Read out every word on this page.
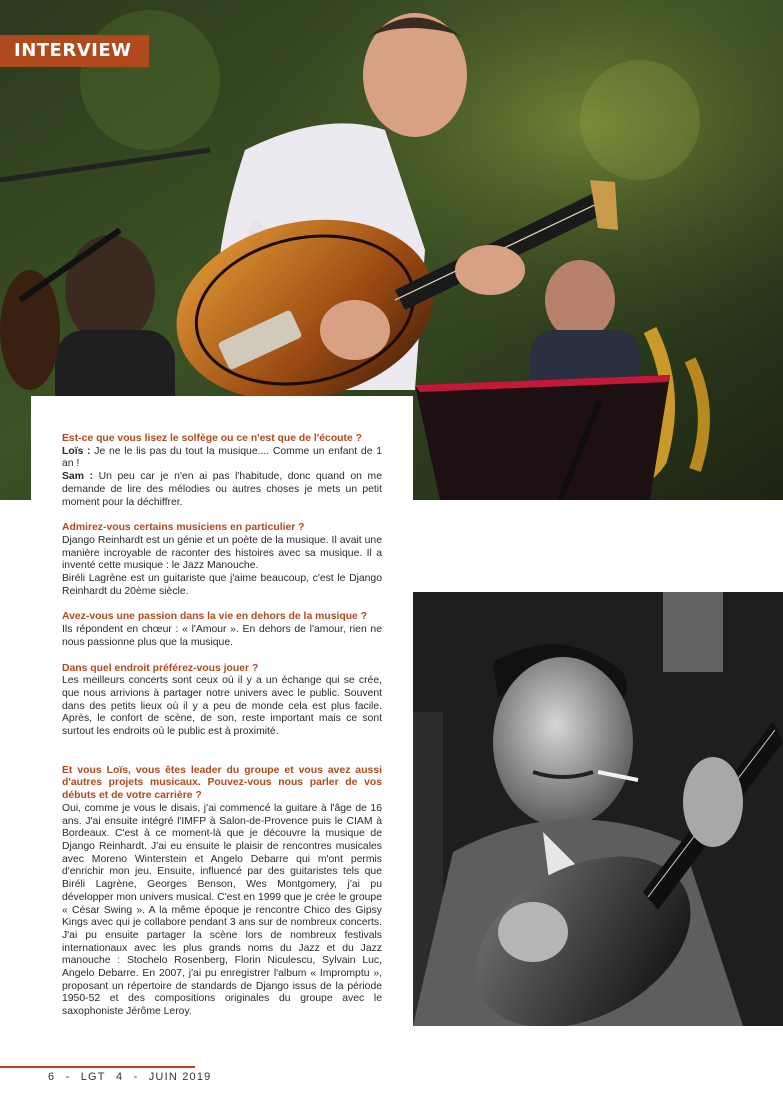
INTERVIEW

Est-ce que vous lisez le solfège ou ce n'est que de l'écoute ?

Loïs : Je ne le lis pas du tout la musique.... Comme un enfant de 1 an !

Sam : Un peu car je n'en ai pas l'habitude, donc quand on me demande de lire des mélodies ou autres choses je mets un petit moment pour la déchiffrer.

Admirez-vous certains musiciens en particulier ?

Django Reinhardt est un génie et un poète de la musique. Il avait une manière incroyable de raconter des histoires avec sa musique. Il a inventé cette musique : le Jazz Manouche.

Biréli Lagrène est un guitariste que j'aime beaucoup, c'est le Django Reinhardt du 20ème siècle.

Avez-vous une passion dans la vie en dehors de la musique ?

Ils répondent en chœur : « l'Amour ». En dehors de l'amour, rien ne nous passionne plus que la musique.

Dans quel endroit préférez-vous jouer ?

Les meilleurs concerts sont ceux où il y a un échange qui se crée, que nous arrivions à partager notre univers avec le public. Souvent dans des petits lieux où il y a peu de monde cela est plus facile. Après, le confort de scène, de son, reste important mais ce sont surtout les endroits où le public est à proximité.

Et vous Loïs, vous êtes leader du groupe et vous avez aussi d'autres projets musicaux. Pouvez-vous nous parler de vos débuts et de votre carrière ?

Oui, comme je vous le disais, j'ai commencé la guitare à l'âge de 16 ans. J'ai ensuite intégré l'IMFP à Salon-de-Provence puis le CIAM à Bordeaux. C'est à ce moment-là que je découvre la musique de Django Reinhardt. J'ai eu ensuite le plaisir de rencontres musicales avec Moreno Winterstein et Angelo Debarre qui m'ont permis d'enrichir mon jeu. Ensuite, influencé par des guitaristes tels que Biréli Lagrène, Georges Benson, Wes Montgomery, j'ai pu développer mon univers musical. C'est en 1999 que je crée le groupe « César Swing ». A la même époque je rencontre Chico des Gipsy Kings avec qui je collabore pendant 3 ans sur de nombreux concerts. J'ai pu ensuite partager la scène lors de nombreux festivals internationaux avec les plus grands noms du Jazz et du Jazz manouche : Stochelo Rosenberg, Florin Niculescu, Sylvain Luc, Angelo Debarre. En 2007, j'ai pu enregistrer l'album « Impromptu », proposant un répertoire de standards de Django issus de la période 1950-52 et des compositions originales du groupe avec le saxophoniste Jérôme Leroy.

6 - LGT 4 - JUIN 2019
